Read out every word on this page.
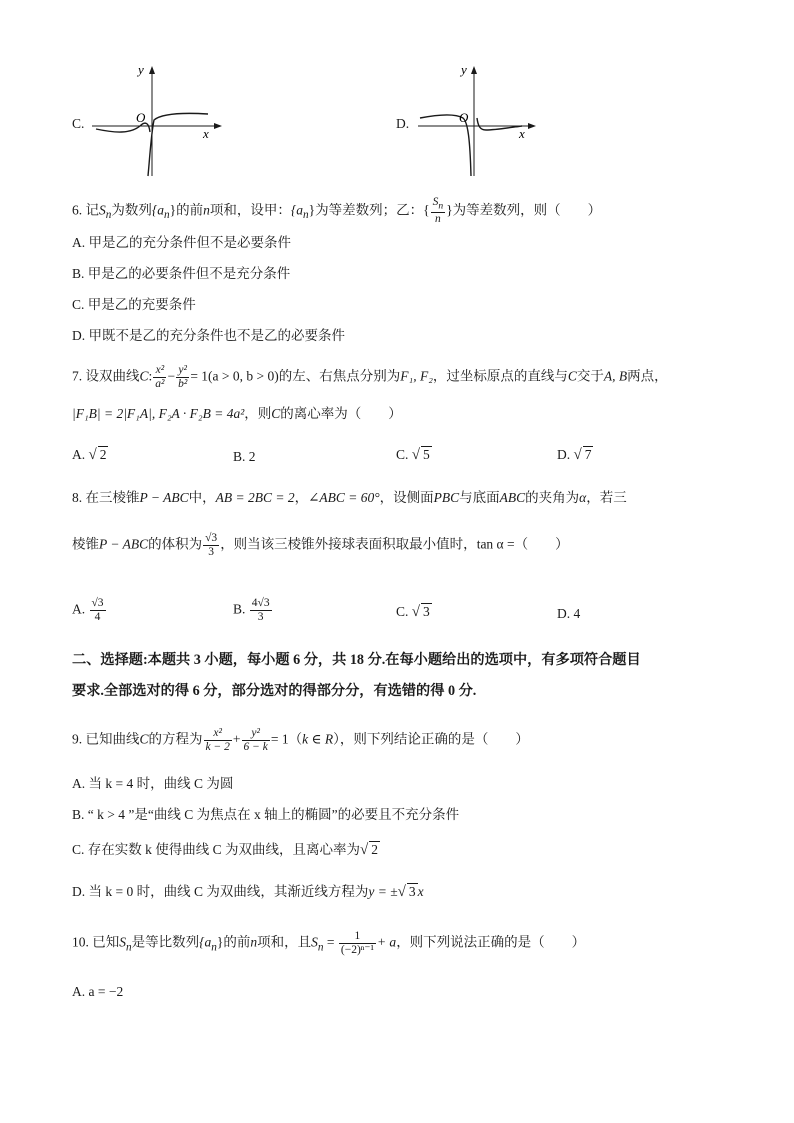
C.
y
O
x
D.
y
O
x
6. 记$S_n$为数列$\{a_n\}$的前n项和，设甲：$\{a_n\}$为等差数列；乙：{ $\frac{S_n}{n}$ }为等差数列，则（　　）
A. 甲是乙的充分条件但不是必要条件
B. 甲是乙的必要条件但不是充分条件
C. 甲是乙的充要条件
D. 甲既不是乙的充分条件也不是乙的必要条件
7. 设双曲线C: $\frac{\text{x²}}{\text{a²}} - \frac{\text{y²}}{\text{b²}} = 1(a > 0$, b > 0)的左、右焦点分别为F₁, F₂，过坐标原点的直线与C交于A, B两点，
|F₁B| = 2|F₁A|, F₂A · F₂B = 4a²，则C的离心率为（　　）
A. √ 2	B. 2	C. √ 5	D. √ 7
8. 在三棱锥P − ABC中，AB = 2BC = 2，∠ABC = 60°，设侧面PBC与底面ABC的夹角为α，若三
棱锥P − ABC的体积为 $\frac{√3}{3}$ ，则当该三棱锥外接球表面积取最小值时，tan α =（　　）
A. $\frac{√3}{4}$	B. $\frac{4√3}{3}$	C. √ 3	D. 4
二、选择题:本题共 3 小题，每小题 6 分，共 18 分.在每小题给出的选项中，有多项符合题目
要求.全部选对的得 6 分，部分选对的得部分分，有选错的得 0 分.
9. 已知曲线C的方程为 $\frac{\text{x²}}{k - 2} + \frac{\text{y²}}{6 - k} = 1(k$ ∈ R），则下列结论正确的是（　　）
A. 当 k = 4 时，曲线 C 为圆
B. “ k > 4 ”是“曲线 C 为焦点在 x 轴上的椭圆”的必要且不充分条件
C. 存在实数 k 使得曲线 C 为双曲线，且离心率为√ 2
D. 当 k = 0 时，曲线 C 为双曲线，其渐近线方程为y = ±√ 3 x
10. 已知$S_n$是等比数列$\{a_n\}$的前n项和，且$S_n = \frac{1}{\text{(−2)ⁿ⁻¹}} + a$，则下列说法正确的是（　　）
A. a = −2
